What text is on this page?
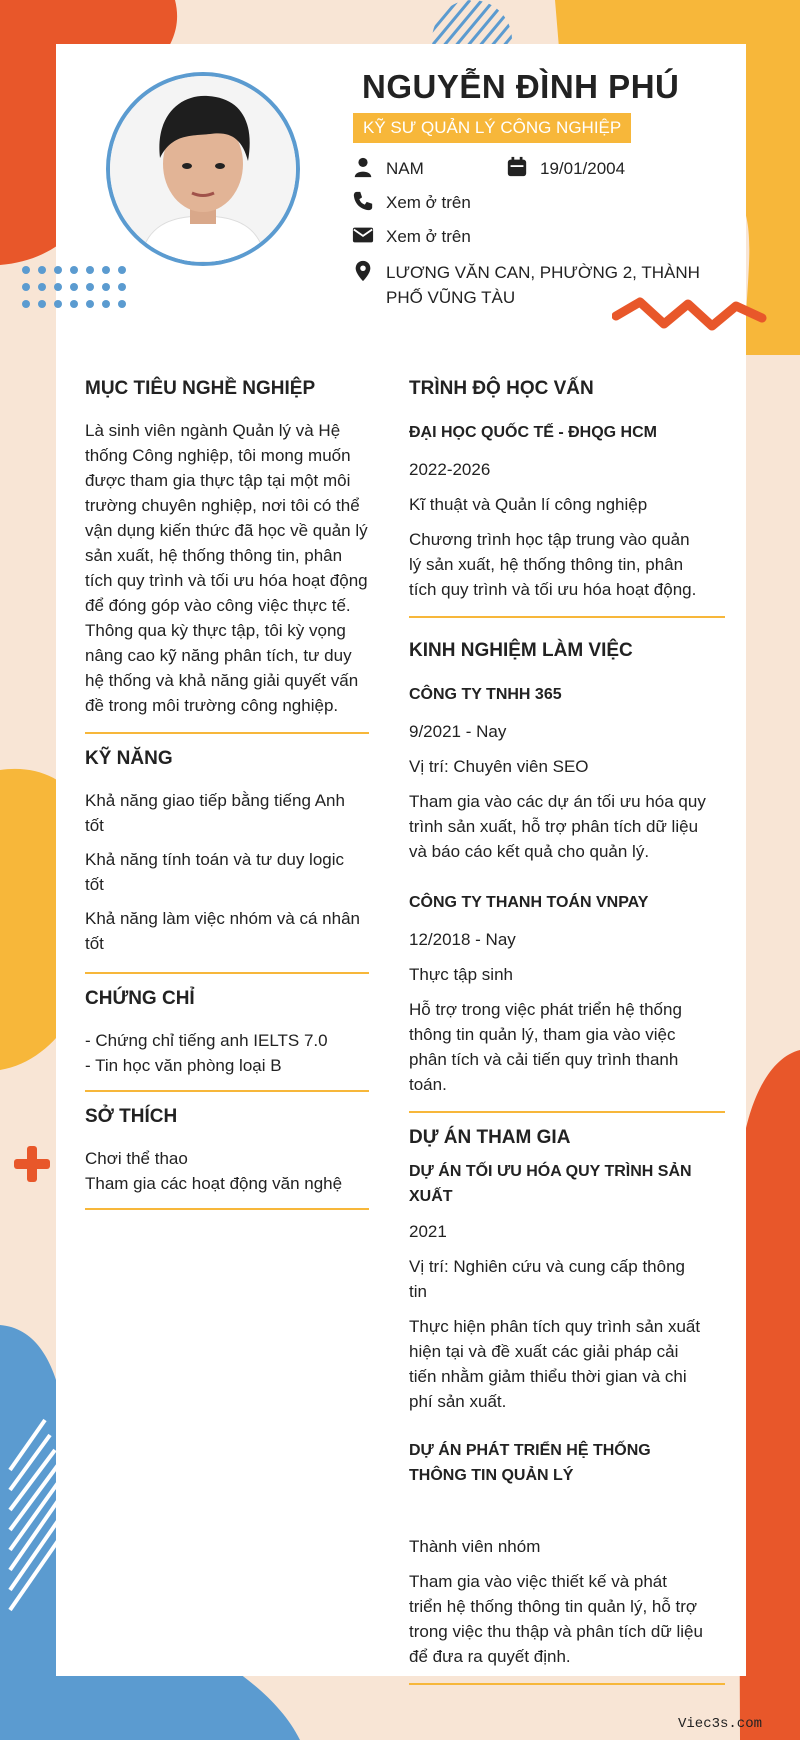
NGUYỄN ĐÌNH PHÚ
KỸ SƯ QUẢN LÝ CÔNG NGHIỆP
NAM	19/01/2004
Xem ở trên
Xem ở trên
LƯƠNG VĂN CAN, PHƯỜNG 2, THÀNH
PHỐ VŨNG TÀU
MỤC TIÊU NGHỀ NGHIỆP
Là sinh viên ngành Quản lý và Hệ
thống Công nghiệp, tôi mong muốn
được tham gia thực tập tại một môi
trường chuyên nghiệp, nơi tôi có thể
vận dụng kiến thức đã học về quản lý
sản xuất, hệ thống thông tin, phân
tích quy trình và tối ưu hóa hoạt động
để đóng góp vào công việc thực tế.
Thông qua kỳ thực tập, tôi kỳ vọng
nâng cao kỹ năng phân tích, tư duy
hệ thống và khả năng giải quyết vấn
đề trong môi trường công nghiệp.
KỸ NĂNG
Khả năng giao tiếp bằng tiếng Anh
tốt
Khả năng tính toán và tư duy logic
tốt
Khả năng làm việc nhóm và cá nhân
tốt
CHỨNG CHỈ
- Chứng chỉ tiếng anh IELTS 7.0
- Tin học văn phòng loại B
SỞ THÍCH
Chơi thể thao
Tham gia các hoạt động văn nghệ
TRÌNH ĐỘ HỌC VẤN
ĐẠI HỌC QUỐC TẾ - ĐHQG HCM
2022-2026
Kĩ thuật và Quản lí công nghiệp
Chương trình học tập trung vào quản
lý sản xuất, hệ thống thông tin, phân
tích quy trình và tối ưu hóa hoạt động.
KINH NGHIỆM LÀM VIỆC
CÔNG TY TNHH 365
9/2021 - Nay
Vị trí: Chuyên viên SEO
Tham gia vào các dự án tối ưu hóa quy
trình sản xuất, hỗ trợ phân tích dữ liệu
và báo cáo kết quả cho quản lý.
CÔNG TY THANH TOÁN VNPAY
12/2018 - Nay
Thực tập sinh
Hỗ trợ trong việc phát triển hệ thống
thông tin quản lý, tham gia vào việc
phân tích và cải tiến quy trình thanh
toán.
DỰ ÁN THAM GIA
DỰ ÁN TỐI ƯU HÓA QUY TRÌNH SẢN
XUẤT
2021
Vị trí: Nghiên cứu và cung cấp thông
tin
Thực hiện phân tích quy trình sản xuất
hiện tại và đề xuất các giải pháp cải
tiến nhằm giảm thiểu thời gian và chi
phí sản xuất.
DỰ ÁN PHÁT TRIỂN HỆ THỐNG
THÔNG TIN QUẢN LÝ
Thành viên nhóm
Tham gia vào việc thiết kế và phát
triển hệ thống thông tin quản lý, hỗ trợ
trong việc thu thập và phân tích dữ liệu
để đưa ra quyết định.
Viec3s.com
